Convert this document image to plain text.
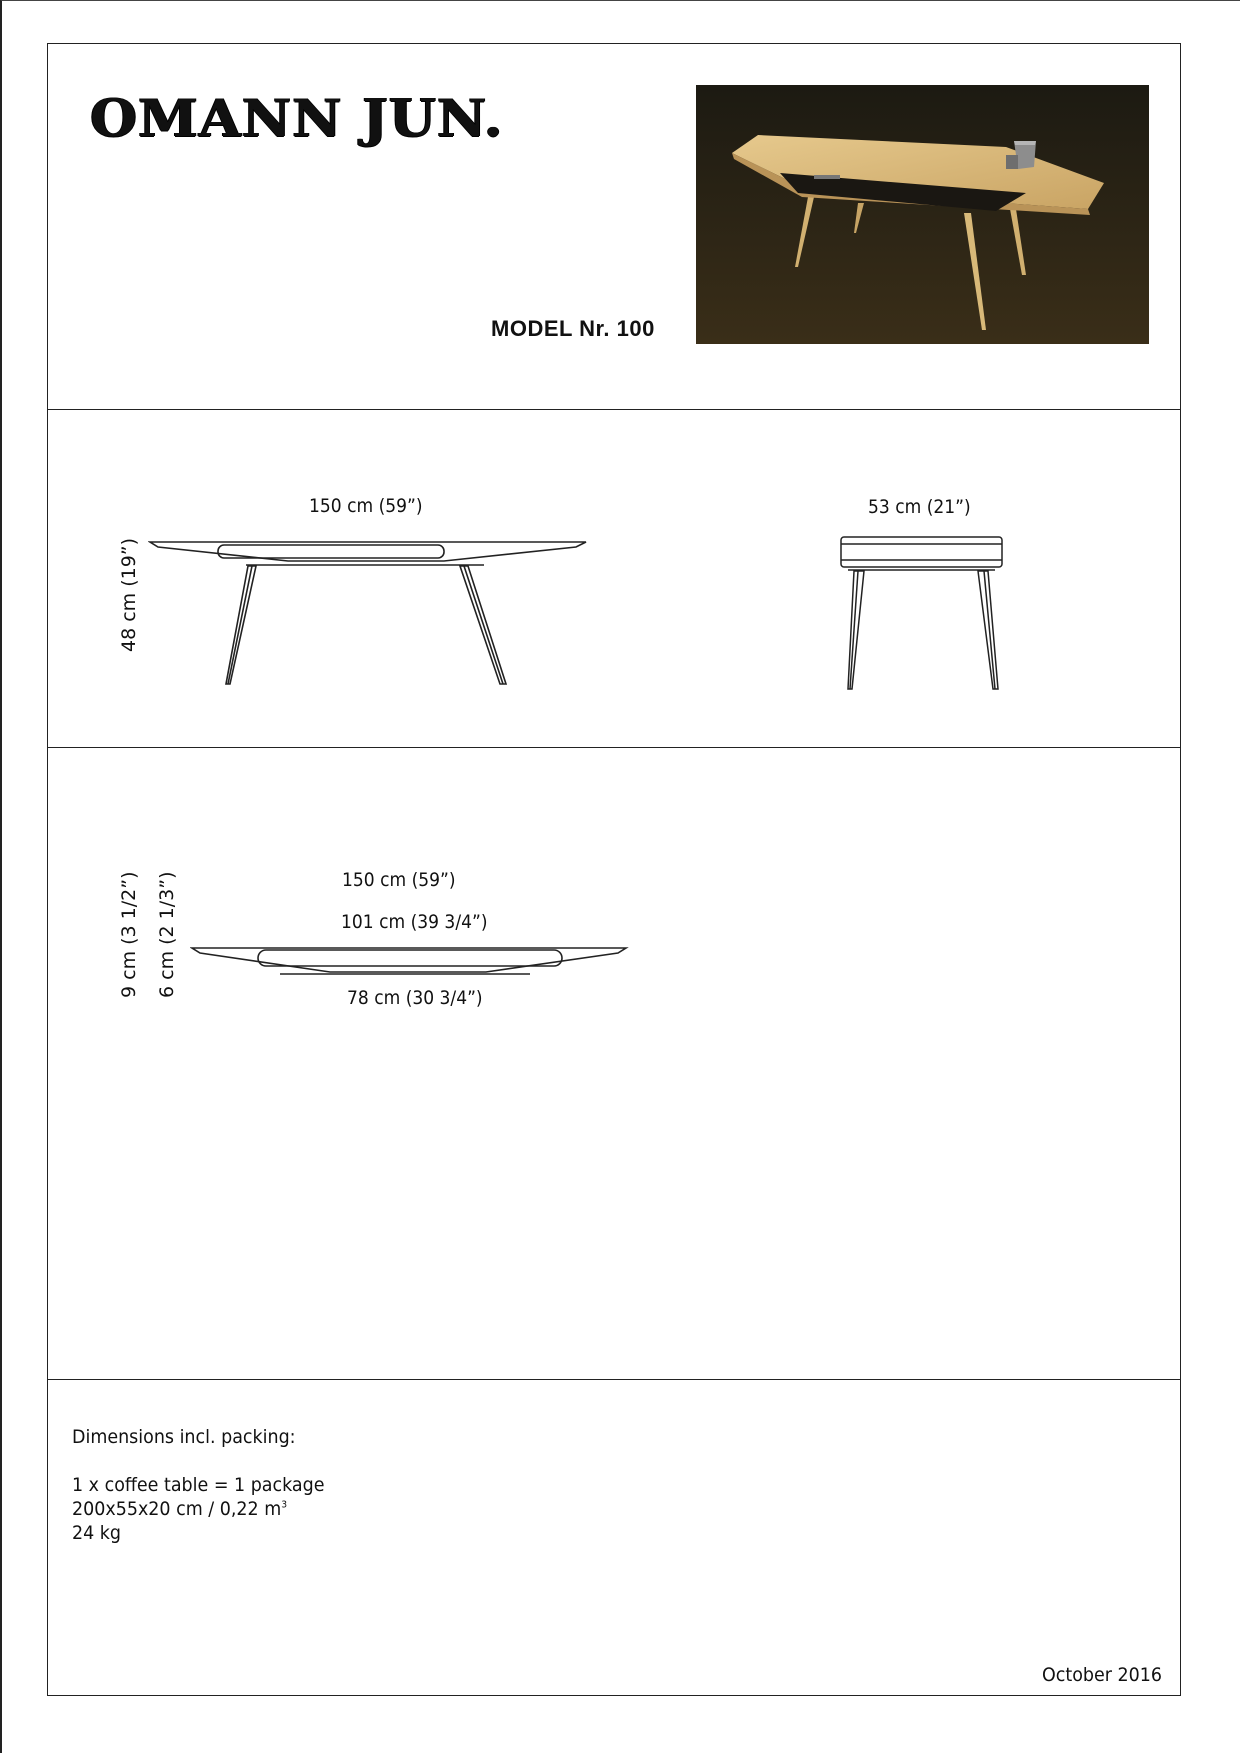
OMANN JUN.
MODEL Nr. 100
150 cm (59”)
48 cm (19”)
53 cm (21”)
150 cm (59”)
101 cm (39 3/4”)
78 cm (30 3/4”)
9 cm (3 1/2”) 6 cm (2 1/3”)
Dimensions incl. packing:
1 x coffee table = 1 package
200x55x20 cm / 0,22 $m^3$
24 kg
October 2016
